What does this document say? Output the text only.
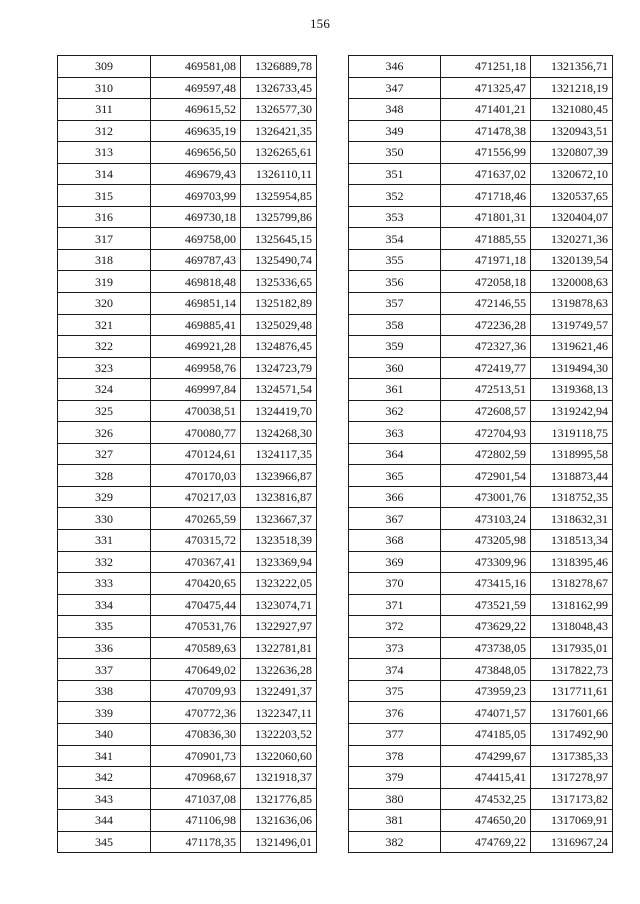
156
309	469581,08	1326889,78
310	469597,48	1326733,45
311	469615,52	1326577,30
312	469635,19	1326421,35
313	469656,50	1326265,61
314	469679,43	1326110,11
315	469703,99	1325954,85
316	469730,18	1325799,86
317	469758,00	1325645,15
318	469787,43	1325490,74
319	469818,48	1325336,65
320	469851,14	1325182,89
321	469885,41	1325029,48
322	469921,28	1324876,45
323	469958,76	1324723,79
324	469997,84	1324571,54
325	470038,51	1324419,70
326	470080,77	1324268,30
327	470124,61	1324117,35
328	470170,03	1323966,87
329	470217,03	1323816,87
330	470265,59	1323667,37
331	470315,72	1323518,39
332	470367,41	1323369,94
333	470420,65	1323222,05
334	470475,44	1323074,71
335	470531,76	1322927,97
336	470589,63	1322781,81
337	470649,02	1322636,28
338	470709,93	1322491,37
339	470772,36	1322347,11
340	470836,30	1322203,52
341	470901,73	1322060,60
342	470968,67	1321918,37
343	471037,08	1321776,85
344	471106,98	1321636,06
345	471178,35	1321496,01
346	471251,18	1321356,71
347	471325,47	1321218,19
348	471401,21	1321080,45
349	471478,38	1320943,51
350	471556,99	1320807,39
351	471637,02	1320672,10
352	471718,46	1320537,65
353	471801,31	1320404,07
354	471885,55	1320271,36
355	471971,18	1320139,54
356	472058,18	1320008,63
357	472146,55	1319878,63
358	472236,28	1319749,57
359	472327,36	1319621,46
360	472419,77	1319494,30
361	472513,51	1319368,13
362	472608,57	1319242,94
363	472704,93	1319118,75
364	472802,59	1318995,58
365	472901,54	1318873,44
366	473001,76	1318752,35
367	473103,24	1318632,31
368	473205,98	1318513,34
369	473309,96	1318395,46
370	473415,16	1318278,67
371	473521,59	1318162,99
372	473629,22	1318048,43
373	473738,05	1317935,01
374	473848,05	1317822,73
375	473959,23	1317711,61
376	474071,57	1317601,66
377	474185,05	1317492,90
378	474299,67	1317385,33
379	474415,41	1317278,97
380	474532,25	1317173,82
381	474650,20	1317069,91
382	474769,22	1316967,24
